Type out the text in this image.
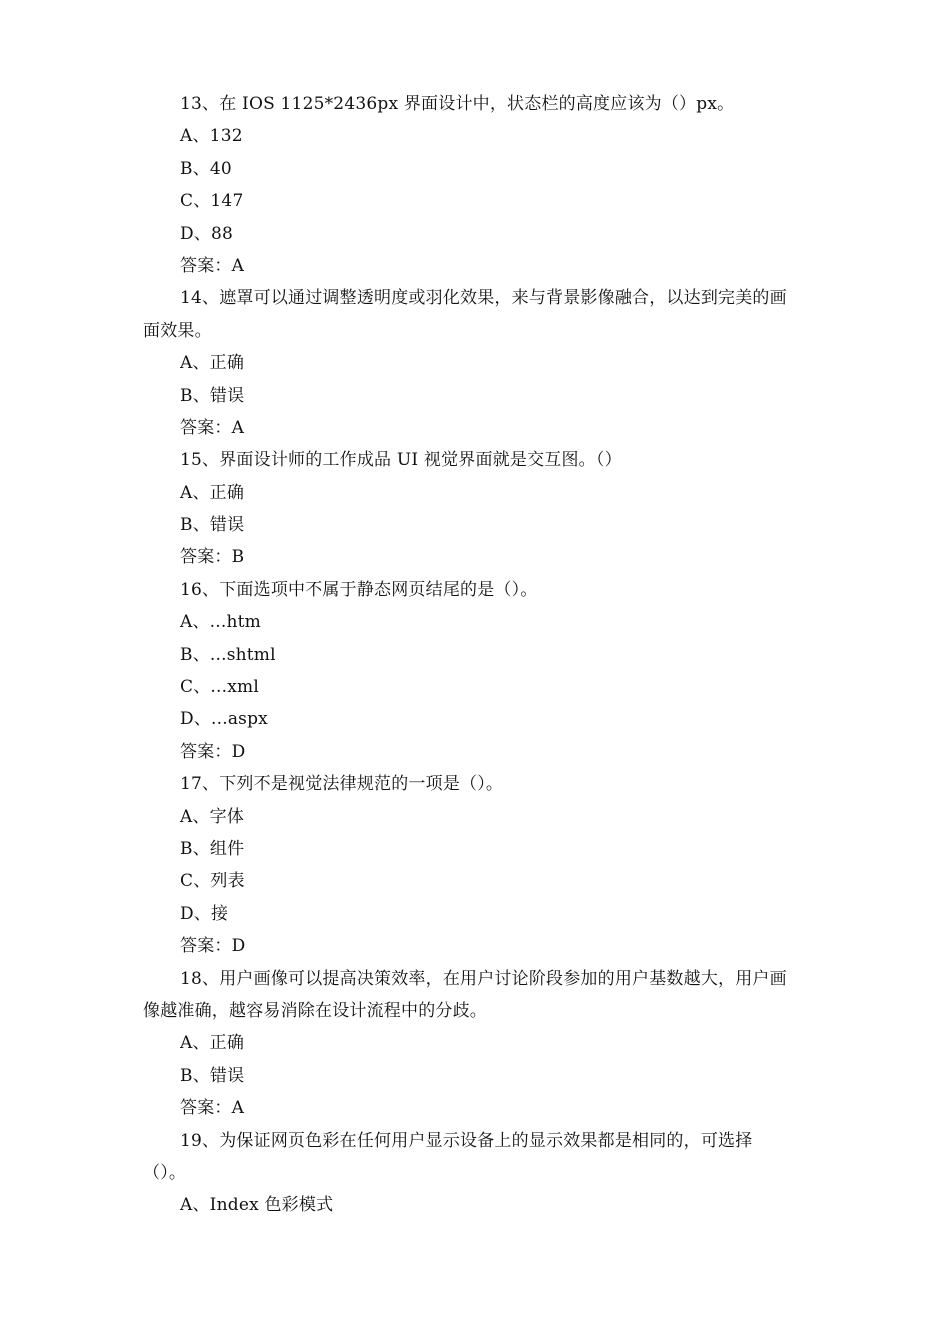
13、在 IOS 1125*2436px 界面设计中，状态栏的高度应该为（）px。
A、132
B、40
C、147
D、88
答案：A
14、遮罩可以通过调整透明度或羽化效果，来与背景影像融合，以达到完美的画
面效果。
A、正确
B、错误
答案：A
15、界面设计师的工作成品 UI 视觉界面就是交互图。（）
A、正确
B、错误
答案：B
16、下面选项中不属于静态网页结尾的是（）。
A、...htm
B、...shtml
C、...xml
D、...aspx
答案：D
17、下列不是视觉法律规范的一项是（）。
A、字体
B、组件
C、列表
D、接
答案：D
18、用户画像可以提高决策效率，在用户讨论阶段参加的用户基数越大，用户画
像越准确，越容易消除在设计流程中的分歧。
A、正确
B、错误
答案：A
19、为保证网页色彩在任何用户显示设备上的显示效果都是相同的，可选择
（）。
A、Index 色彩模式
